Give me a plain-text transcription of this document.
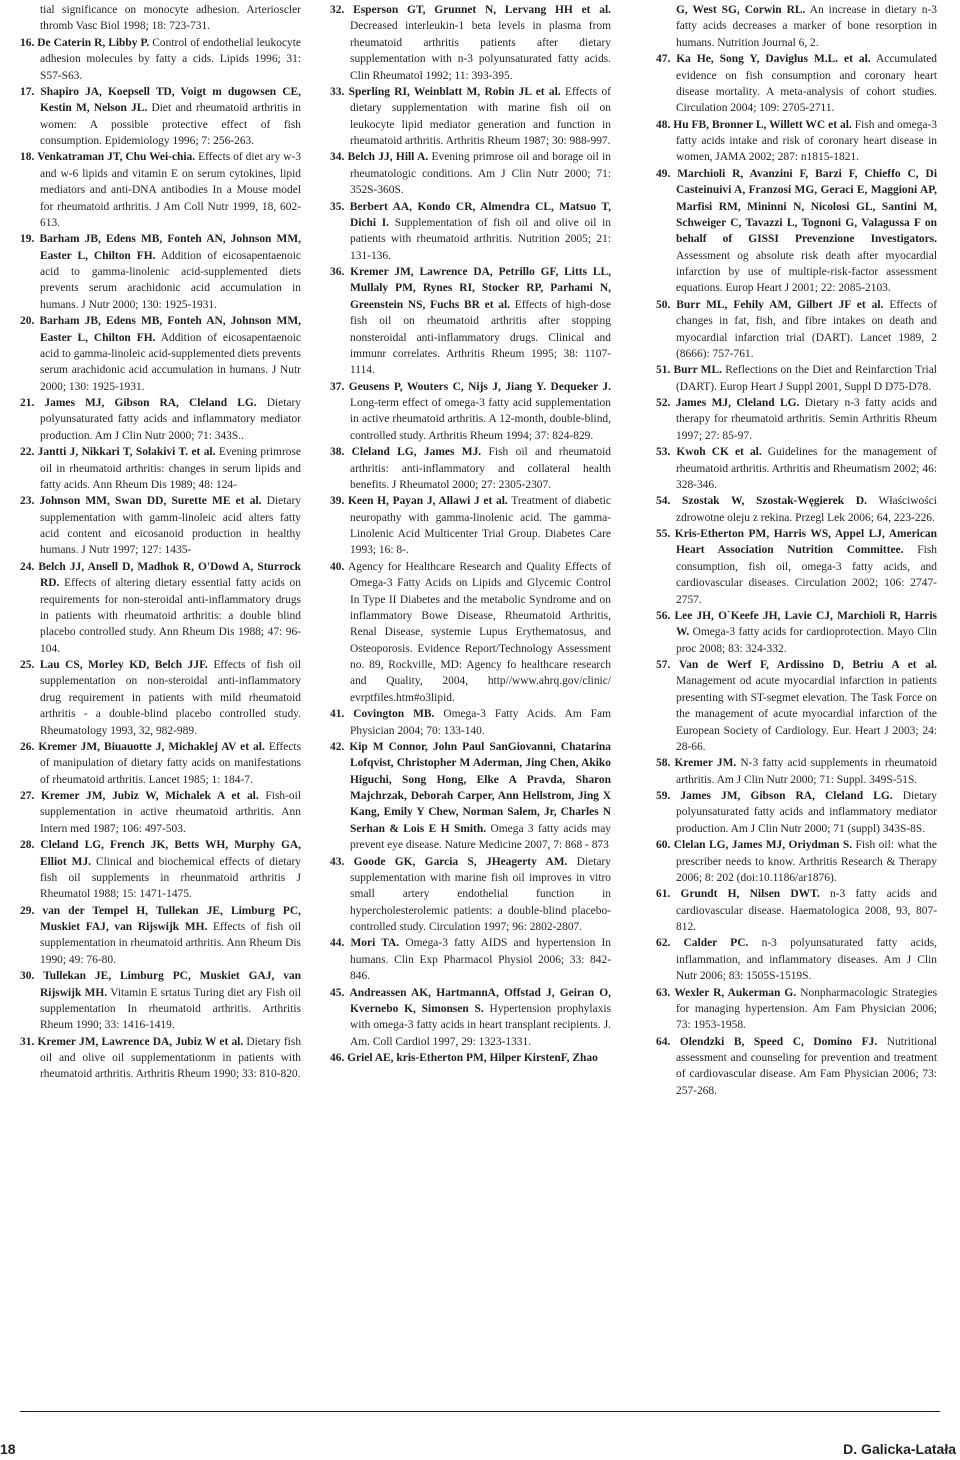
tial significance on monocyte adhesion. Arterioscler thromb Vasc Biol 1998; 18: 723-731.

16. De Caterin R, Libby P. Control of endothelial leukocyte adhesion molecules by fatty a cids. Lipids 1996; 31: S57-S63.

17. Shapiro JA, Koepsell TD, Voigt m dugowsen CE, Kestin M, Nelson JL. Diet and rheumatoid arthritis in women: A possible protective effect of fish consumption. Epidemiology 1996; 7: 256-263.

18. Venkatraman JT, Chu Wei-chia. Effects of diet ary w-3 and w-6 lipids and vitamin E on serum cytokines, lipid mediators and anti-DNA antibodies In a Mouse model for rheumatoid arthritis. J Am Coll Nutr 1999, 18, 602-613.

19. Barham JB, Edens MB, Fonteh AN, Johnson MM, Easter L, Chilton FH. Addition of eicosapentaenoic acid to gamma-linolenic acid-supplemented diets prevents serum arachidonic acid accumulation in humans. J Nutr 2000; 130: 1925-1931.

20. Barham JB, Edens MB, Fonteh AN, Johnson MM, Easter L, Chilton FH. Addition of eicosapentaenoic acid to gamma-linoleic acid-supplemented diets prevents serum arachidonic acid accumulation in humans. J Nutr 2000; 130: 1925-1931.

21. James MJ, Gibson RA, Cleland LG. Dietary polyunsaturated fatty acids and inflammatory mediator production. Am J Clin Nutr 2000; 71: 343S..

22. Jantti J, Nikkari T, Solakivi T. et al. Evening primrose oil in rheumatoid arthritis: changes in serum lipids and fatty acids. Ann Rheum Dis 1989; 48: 124-

23. Johnson MM, Swan DD, Surette ME et al. Dietary supplementation with gamm-linoleic acid alters fatty acid content and eicosanoid production in healthy humans. J Nutr 1997; 127: 1435-

24. Belch JJ, Ansell D, Madhok R, O'Dowd A, Sturrock RD. Effects of altering dietary essential fatty acids on requirements for non-steroidal anti-inflammatory drugs in patients with rheumatoid arthritis: a double blind placebo controlled study. Ann Rheum Dis 1988; 47: 96-104.

25. Lau CS, Morley KD, Belch JJF. Effects of fish oil supplementation on non-steroidal anti-inflammatory drug requirement in patients with mild rheumatoid arthritis - a double-blind placebo controlled study. Rheumatology 1993, 32, 982-989.

26. Kremer JM, Biuauotte J, Michaklej AV et al. Effects of manipulation of dietary fatty acids on manifestations of rheumatoid arthritis. Lancet 1985; 1: 184-7.

27. Kremer JM, Jubiz W, Michalek A et al. Fish-oil supplementation in active rheumatoid arthritis. Ann Intern med 1987; 106: 497-503.

28. Cleland LG, French JK, Betts WH, Murphy GA, Elliot MJ. Clinical and biochemical effects of dietary fish oil supplements in rheunmatoid arthritis J Rheumatol 1988; 15: 1471-1475.

29. van der Tempel H, Tullekan JE, Limburg PC, Muskiet FAJ, van Rijswijk MH. Effects of fish oil supplementation in rheumatoid arthritis. Ann Rheum Dis 1990; 49: 76-80.

30. Tullekan JE, Limburg PC, Muskiet GAJ, van Rijswijk MH. Vitamin E srtatus Turing diet ary Fish oil supplementation In rheumatoid arthritis. Arthritis Rheum 1990; 33: 1416-1419.

31. Kremer JM, Lawrence DA, Jubiz W et al. Dietary fish oil and olive oil supplementationm in patients with rheumatoid arthritis. Arthritis Rheum 1990; 33: 810-820.

32. Esperson GT, Grunnet N, Lervang HH et al. Decreased interleukin-1 beta levels in plasma from rheumatoid arthritis patients after dietary supplementation with n-3 polyunsaturated fatty acids. Clin Rheumatol 1992; 11: 393-395.

33. Sperling RI, Weinblatt M, Robin JL et al. Effects of dietary supplementation with marine fish oil on leukocyte lipid mediator generation and function in rheumatoid arthritis. Arthritis Rheum 1987; 30: 988-997.

34. Belch JJ, Hill A. Evening primrose oil and borage oil in rheumatologic conditions. Am J Clin Nutr 2000; 71: 352S-360S.

35. Berbert AA, Kondo CR, Almendra CL, Matsuo T, Dichi I. Supplementation of fish oil and olive oil in patients with rheumatoid arthritis. Nutrition 2005; 21: 131-136.

36. Kremer JM, Lawrence DA, Petrillo GF, Litts LL, Mullaly PM, Rynes RI, Stocker RP, Parhami N, Greenstein NS, Fuchs BR et al. Effects of high-dose fish oil on rheumatoid arthritis after stopping nonsteroidal anti-inflammatory drugs. Clinical and immunr correlates. Arthritis Rheum 1995; 38: 1107-1114.

37. Geusens P, Wouters C, Nijs J, Jiang Y. Dequeker J. Long-term effect of omega-3 fatty acid supplementation in active rheumatoid arthritis. A 12-month, double-blind, controlled study. Arthritis Rheum 1994; 37: 824-829.

38. Cleland LG, James MJ. Fish oil and rheumatoid arthritis: anti-inflammatory and collateral health benefits. J Rheumatol 2000; 27: 2305-2307.

39. Keen H, Payan J, Allawi J et al. Treatment of diabetic neuropathy with gamma-linolenic acid. The gamma-Linolenic Acid Multicenter Trial Group. Diabetes Care 1993; 16: 8-.

40. Agency for Healthcare Research and Quality Effects of Omega-3 Fatty Acids on Lipids and Glycemic Control In Type II Diabetes and the metabolic Syndrome and on inflammatory Bowe Disease, Rheumatoid Arthritis, Renal Disease, systemie Lupus Erythematosus, and Osteoporosis. Evidence Report/Technology Assessment no. 89, Rockville, MD: Agency fo healthcare research and Quality, 2004, http//www.ahrq.gov/clinic/ evrptfiles.htm#o3lipid.

41. Covington MB. Omega-3 Fatty Acids. Am Fam Physician 2004; 70: 133-140.

42. Kip M Connor, John Paul SanGiovanni, Chatarina Lofqvist, Christopher M Aderman, Jing Chen, Akiko Higuchi, Song Hong, Elke A Pravda, Sharon Majchrzak, Deborah Carper, Ann Hellstrom, Jing X Kang, Emily Y Chew, Norman Salem, Jr, Charles N Serhan & Lois E H Smith. Omega 3 fatty acids may prevent eye disease. Nature Medicine 2007, 7: 868 - 873

43. Goode GK, Garcia S, JHeagerty AM. Dietary supplementation with marine fish oil improves in vitro small artery endothelial function in hypercholesterolemic patients: a double-blind placebo-controlled study. Circulation 1997; 96: 2802-2807.

44. Mori TA. Omega-3 fatty AIDS and hypertension In humans. Clin Exp Pharmacol Physiol 2006; 33: 842-846.

45. Andreassen AK, HartmannA, Offstad J, Geiran O, Kvernebo K, Simonsen S. Hypertension prophylaxis with omega-3 fatty acids in heart transplant recipients. J. Am. Coll Cardiol 1997, 29: 1323-1331.

46. Griel AE, kris-Etherton PM, Hilper KirstenF, Zhao

G, West SG, Corwin RL. An increase in dietary n-3 fatty acids decreases a marker of bone resorption in humans. Nutrition Journal 6, 2.

47. Ka He, Song Y, Daviglus M.L. et al. Accumulated evidence on fish consumption and coronary heart disease mortality. A meta-analysis of cohort studies. Circulation 2004; 109: 2705-2711.

48. Hu FB, Bronner L, Willett WC et al. Fish and omega-3 fatty acids intake and risk of coronary heart disease in women, JAMA 2002; 287: n1815-1821.

49. Marchioli R, Avanzini F, Barzi F, Chieffo C, Di Casteinuivi A, Franzosi MG, Geraci E, Maggioni AP, Marfisi RM, Mininni N, Nicolosi GL, Santini M, Schweiger C, Tavazzi L, Tognoni G, Valagussa F on behalf of GISSI Prevenzione Investigators. Assessment og absolute risk death after myocardial infarction by use of multiple-risk-factor assessment equations. Europ Heart J 2001; 22: 2085-2103.

50. Burr ML, Fehily AM, Gilbert JF et al. Effects of changes in fat, fish, and fibre intakes on death and myocardial infarction trial (DART). Lancet 1989, 2 (8666): 757-761.

51. Burr ML. Reflections on the Diet and Reinfarction Trial (DART). Europ Heart J Suppl 2001, Suppl D D75-D78.

52. James MJ, Cleland LG. Dietary n-3 fatty acids and therapy for rheumatoid arthritis. Semin Arthritis Rheum 1997; 27: 85-97.

53. Kwoh CK et al. Guidelines for the management of rheumatoid arthritis. Arthritis and Rheumatism 2002; 46: 328-346.

54. Szostak W, Szostak-Węgierek D. Właściwości zdrowotne oleju z rekina. Przegl Lek 2006; 64, 223-226.

55. Kris-Etherton PM, Harris WS, Appel LJ, American Heart Association Nutrition Committee. Fish consumption, fish oil, omega-3 fatty acids, and cardiovascular diseases. Circulation 2002; 106: 2747-2757.

56. Lee JH, O`Keefe JH, Lavie CJ, Marchioli R, Harris W. Omega-3 fatty acids for cardioprotection. Mayo Clin proc 2008; 83: 324-332.

57. Van de Werf F, Ardissino D, Betriu A et al. Management od acute myocardial infarction in patients presenting with ST-segmet elevation. The Task Force on the management of acute myocardial infarction of the European Society of Cardiology. Eur. Heart J 2003; 24: 28-66.

58. Kremer JM. N-3 fatty acid supplements in rheumatoid arthritis. Am J Clin Nutr 2000; 71: Suppl. 349S-51S.

59. James JM, Gibson RA, Cleland LG. Dietary polyunsaturated fatty acids and inflammatory mediator production. Am J Clin Nutr 2000; 71 (suppl) 343S-8S.

60. Clelan LG, James MJ, Oriydman S. Fish oil: what the prescriber needs to know. Arthritis Research & Therapy 2006; 8: 202 (doi:10.1186/ar1876).

61. Grundt H, Nilsen DWT. n-3 fatty acids and cardiovascular disease. Haematologica 2008, 93, 807-812.

62. Calder PC. n-3 polyunsaturated fatty acids, inflammation, and inflammatory diseases. Am J Clin Nutr 2006; 83: 1505S-1519S.

63. Wexler R, Aukerman G. Nonpharmacologic Strategies for managing hypertension. Am Fam Physician 2006; 73: 1953-1958.

64. Olendzki B, Speed C, Domino FJ. Nutritional assessment and counseling for prevention and treatment of cardiovascular disease. Am Fam Physician 2006; 73: 257-268.

18	D. Galicka-Latała
